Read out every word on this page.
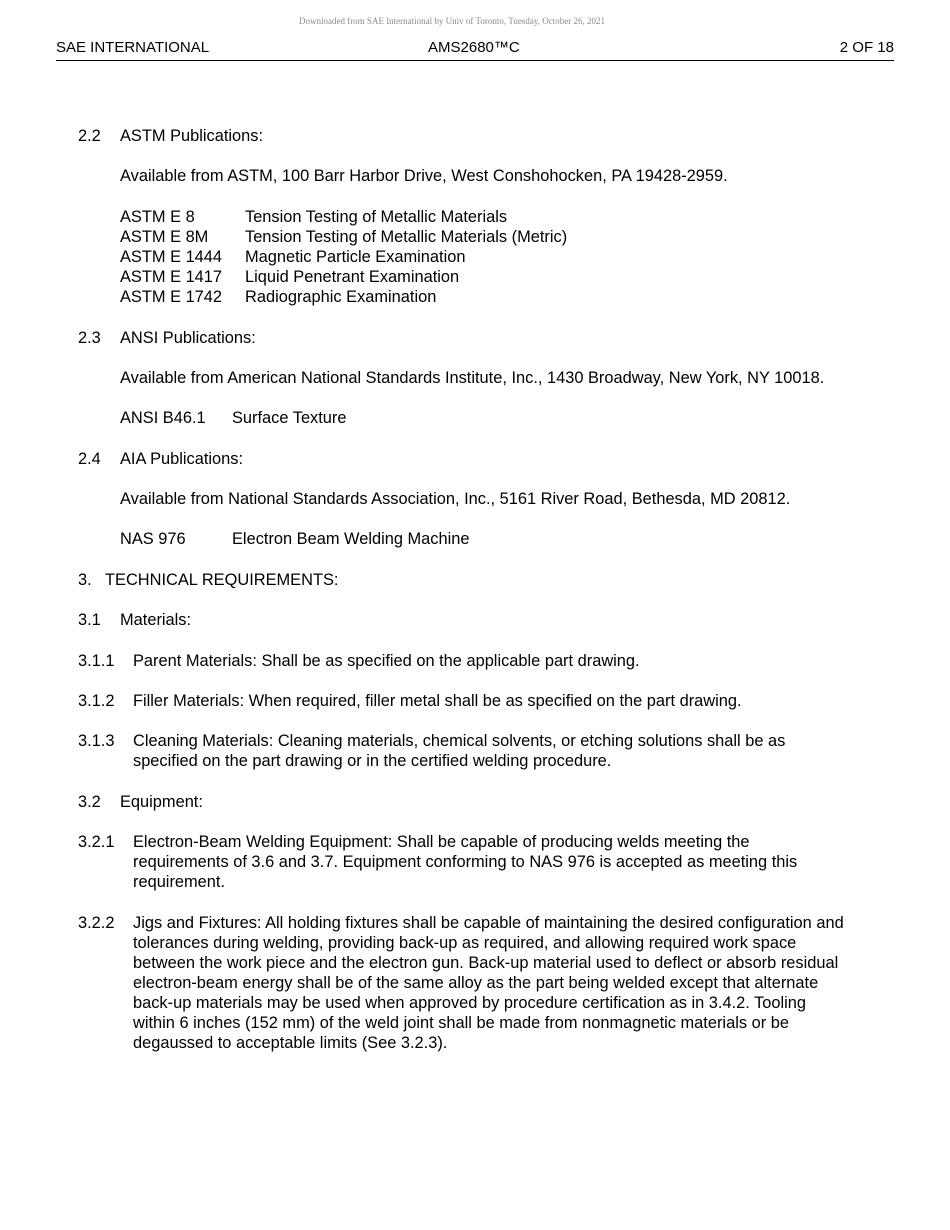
Downloaded from SAE International by Univ of Toronto, Tuesday, October 26, 2021
SAE INTERNATIONAL	AMS2680™C	2 OF 18
2.2 ASTM Publications:
Available from ASTM, 100 Barr Harbor Drive, West Conshohocken, PA 19428-2959.
ASTM E 8	Tension Testing of Metallic Materials
ASTM E 8M Tension Testing of Metallic Materials (Metric)
ASTM E 1444 Magnetic Particle Examination
ASTM E 1417 Liquid Penetrant Examination
ASTM E 1742 Radiographic Examination
2.3 ANSI Publications:
Available from American National Standards Institute, Inc., 1430 Broadway, New York, NY 10018.
ANSI B46.1 Surface Texture
2.4 AIA Publications:
Available from National Standards Association, Inc., 5161 River Road, Bethesda, MD 20812.
NAS 976	Electron Beam Welding Machine
3. TECHNICAL REQUIREMENTS:
3.1 Materials:
3.1.1 Parent Materials: Shall be as specified on the applicable part drawing.
3.1.2 Filler Materials: When required, filler metal shall be as specified on the part drawing.
3.1.3 Cleaning Materials: Cleaning materials, chemical solvents, or etching solutions shall be as
specified on the part drawing or in the certified welding procedure.
3.2 Equipment:
3.2.1 Electron-Beam Welding Equipment: Shall be capable of producing welds meeting the
requirements of 3.6 and 3.7. Equipment conforming to NAS 976 is accepted as meeting this
requirement.
3.2.2 Jigs and Fixtures: All holding fixtures shall be capable of maintaining the desired configuration and
tolerances during welding, providing back-up as required, and allowing required work space
between the work piece and the electron gun. Back-up material used to deflect or absorb residual
electron-beam energy shall be of the same alloy as the part being welded except that alternate
back-up materials may be used when approved by procedure certification as in 3.4.2. Tooling
within 6 inches (152 mm) of the weld joint shall be made from nonmagnetic materials or be
degaussed to acceptable limits (See 3.2.3).
